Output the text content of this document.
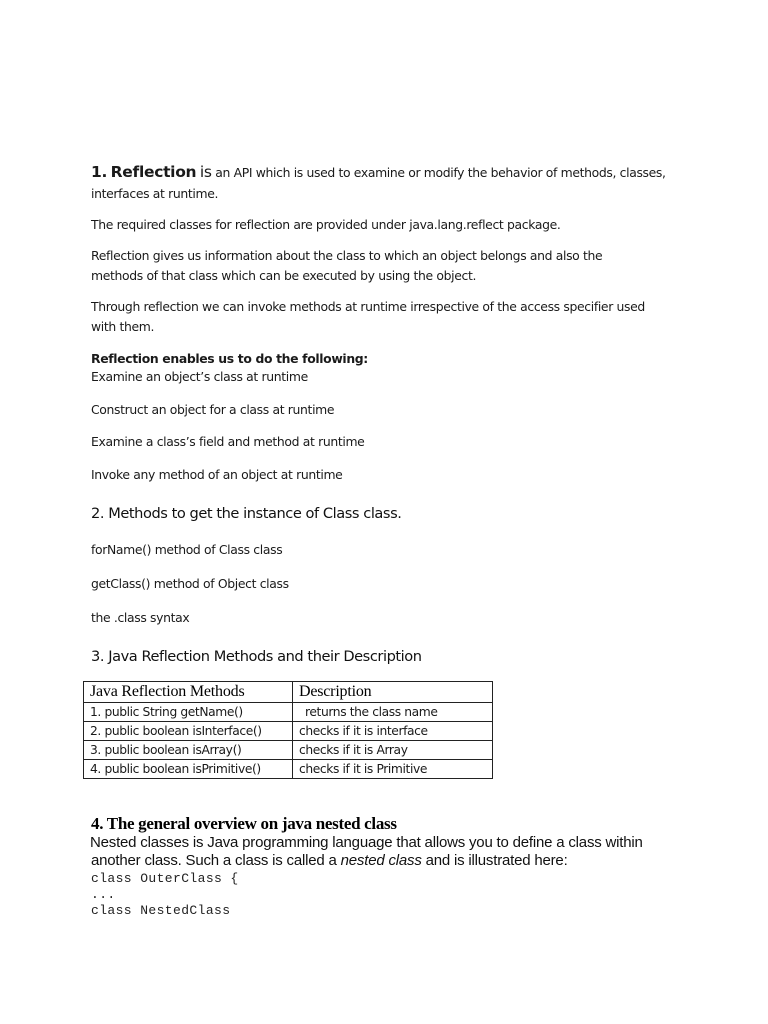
1. Reflection is an API which is used to examine or modify the behavior of methods, classes,
interfaces at runtime.
The required classes for reflection are provided under java.lang.reflect package.
Reflection gives us information about the class to which an object belongs and also the
methods of that class which can be executed by using the object.
Through reflection we can invoke methods at runtime irrespective of the access specifier used
with them.
Reflection enables us to do the following:
Examine an object’s class at runtime
Construct an object for a class at runtime
Examine a class’s field and method at runtime
Invoke any method of an object at runtime
2. Methods to get the instance of Class class.
forName() method of Class class
getClass() method of Object class
the .class syntax
3. Java Reflection Methods and their Description
Java Reflection Methods	Description
1. public String getName()	returns the class name
2. public boolean isInterface()	checks if it is interface
3. public boolean isArray()	checks if it is Array
4. public boolean isPrimitive()	checks if it is Primitive
4. The general overview on java nested class
Nested classes is Java programming language that allows you to define a class within
another class. Such a class is called a nested class and is illustrated here:
class OuterClass {
...
class NestedClass
